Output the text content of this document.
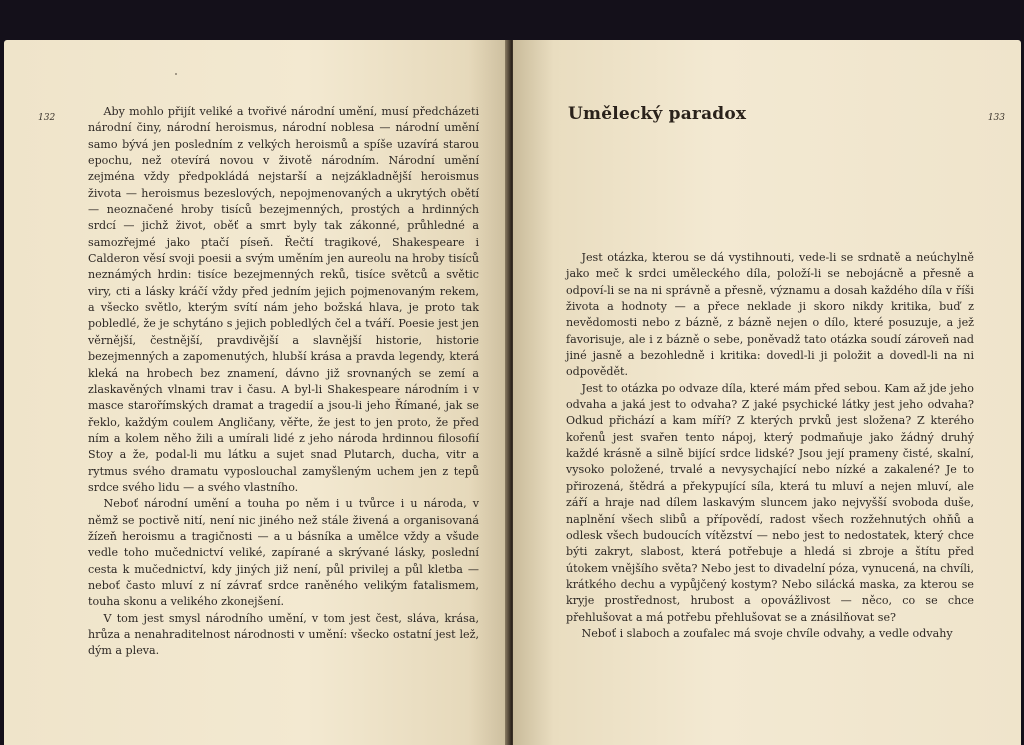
132	Aby mohlo přijít veliké a tvořivé národní umění, musí předcházeti národní činy, národní heroismus, národní noblesa — národní umění samo bývá jen posledním z velkých heroismů a spíše uzavírá starou epochu, než otevírá novou v životě národním. Národní umění zejména vždy předpokládá nejstarší a nejzákladnější heroismus života — heroismus bezeslových, nepojmenovaných a ukrytých obětí — neoznačené hroby tisíců bezejmenných, prostých a hrdinných srdcí — jichž život, oběť a smrt byly tak zákonné, průhledné a samozřejmé jako ptačí píseň. Řečtí tragikové, Shakespeare i Calderon věsí svoji poesii a svým uměním jen aureolu na hroby tisíců neznámých hrdin: tisíce bezejmenných reků, tisíce světců a světic viry, cti a lásky kráčí vždy před jedním jejich pojmenovaným rekem, a všecko světlo, kterým svítí nám jeho božská hlava, je proto tak pobledlé, že je schytáno s jejich pobledlých čel a tváří. Poesie jest jen věrnější, čestnější, pravdivější a slavnější historie, historie bezejmenných a zapomenutých, hlubší krása a pravda legendy, která kleká na hrobech bez znamení, dávno již srovnaných se zemí a zlaskavěných vlnami trav i času. A byl-li Shakespeare národním i v masce starořímských dramat a tragedií a jsou-li jeho Římané, jak se řeklo, každým coulem Angličany, věřte, že jest to jen proto, že před ním a kolem něho žili a umírali lidé z jeho národa hrdinnou filosofií Stoy a že, podal-li mu látku a sujet snad Plutarch, ducha, vitr a rytmus svého dramatu vyposlouchal zamyšleným uchem jen z tepů srdce svého lidu — a svého vlastního.

Neboť národní umění a touha po něm i u tvůrce i u národa, v němž se poctivě nití, není nic jiného než stále živená a organisovaná žízeň heroismu a tragičnosti — a u básníka a umělce vždy a všude vedle toho mučednictví veliké, zapírané a skrývané lásky, poslední cesta k mučednictví, kdy jiných již není, půl privilej a půl kletba — neboť často mluví z ní závrať srdce raněného velikým fatalismem, touha skonu a velikého zkonejšení.

V tom jest smysl národního umění, v tom jest čest, sláva, krása, hrůza a nenahraditelnost národnosti v umění: všecko ostatní jest lež, dým a pleva.

Umělecký paradox	133

Jest otázka, kterou se dá vystihnouti, vede-li se srdnatě a neúchylně jako meč k srdci uměleckého díla, položí-li se nebojácně a přesně a odpoví-li se na ni správně a přesně, významu a dosah každého díla v říši života a hodnoty — a přece neklade ji skoro nikdy kritika, buď z nevědomosti nebo z bázně, z bázně nejen o dílo, které posuzuje, a jež favorisuje, ale i z bázně o sebe, poněvadž tato otázka soudí zároveň nad jiné jasně a bezohledně i kritika: dovedl-li ji položit a dovedl-li na ni odpovědět.

Jest to otázka po odvaze díla, které mám před sebou. Kam až jde jeho odvaha a jaká jest to odvaha? Z jaké psychické látky jest jeho odvaha? Odkud přichází a kam míří? Z kterých prvků jest složena? Z kterého kořenů jest svařen tento nápoj, který podmaňuje jako žádný druhý každé krásně a silně bijící srdce lidské? Jsou její prameny čisté, skalní, vysoko položené, trvalé a nevysychající nebo nízké a zakalené? Je to přirozená, štědrá a překypující síla, která tu mluví a nejen mluví, ale září a hraje nad dílem laskavým sluncem jako nejvyšší svoboda duše, naplnění všech slibů a přípovědí, radost všech rozžehnutých ohňů a odlesk všech budoucích vítězství — nebo jest to nedostatek, který chce býti zakryt, slabost, která potřebuje a hledá si zbroje a štítu před útokem vnějšího světa? Nebo jest to divadelní póza, vynucená, na chvíli, krátkého dechu a vypůjčený kostym? Nebo silácká maska, za kterou se kryje prostřednost, hrubost a opovážlivost — něco, co se chce přehlušovat a má potřebu přehlušovat se a znásilňovat se?

Neboť i slaboch a zoufalec má svoje chvíle odvahy, a vedle odvahy
